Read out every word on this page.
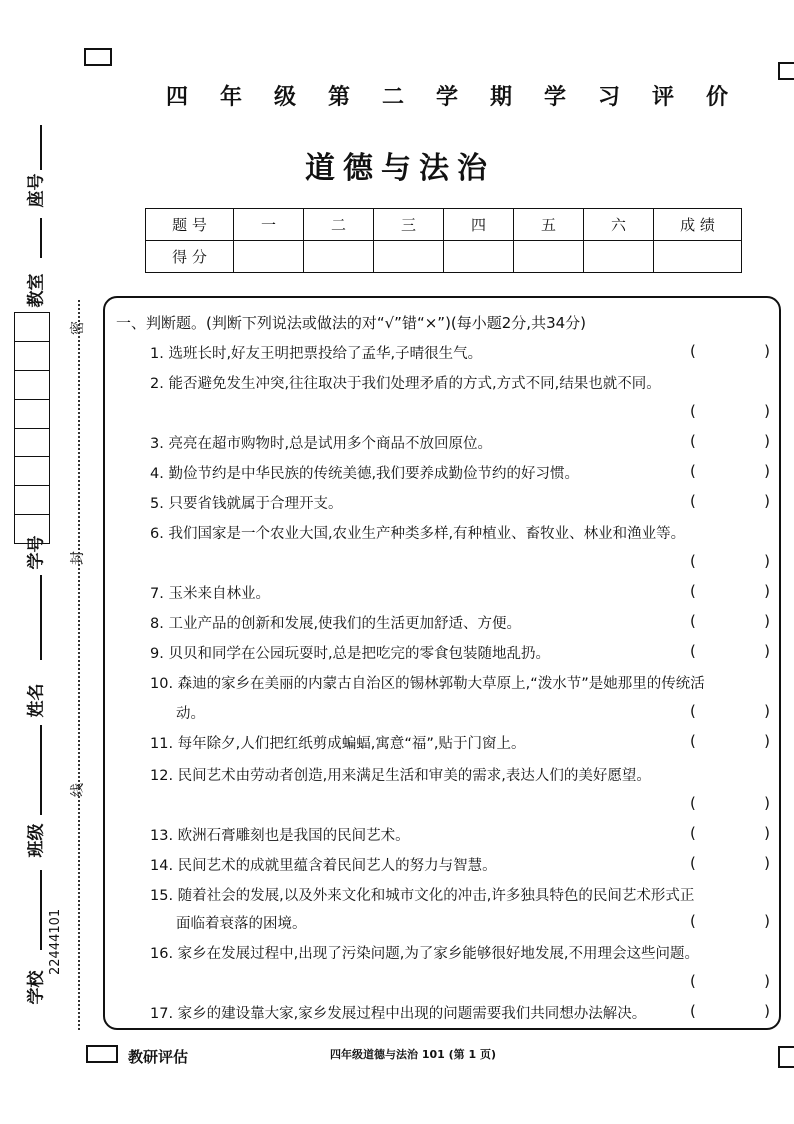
座号
教室
学号
姓名
班级
学校
密
封
线
22444101
四 年 级 第 二 学 期 学 习 评 价
道德与法治
题 号	一	二	三	四	五	六	成 绩
得 分							
一、判断题。(判断下列说法或做法的对“√”错“×”)(每小题2分,共34分)
1. 选班长时,好友王明把票投给了孟华,子晴很生气。	(	)
2. 能否避免发生冲突,往往取决于我们处理矛盾的方式,方式不同,结果也就不同。
(	)
3. 亮亮在超市购物时,总是试用多个商品不放回原位。	(	)
4. 勤俭节约是中华民族的传统美德,我们要养成勤俭节约的好习惯。	(	)
5. 只要省钱就属于合理开支。	(	)
6. 我们国家是一个农业大国,农业生产种类多样,有种植业、畜牧业、林业和渔业等。
(	)
7. 玉米来自林业。	(	)
8. 工业产品的创新和发展,使我们的生活更加舒适、方便。	(	)
9. 贝贝和同学在公园玩耍时,总是把吃完的零食包装随地乱扔。	(	)
10. 森迪的家乡在美丽的内蒙古自治区的锡林郭勒大草原上,“泼水节”是她那里的传统活
动。	(	)
11. 每年除夕,人们把红纸剪成蝙蝠,寓意“福”,贴于门窗上。	(	)
12. 民间艺术由劳动者创造,用来满足生活和审美的需求,表达人们的美好愿望。
(	)
13. 欧洲石膏雕刻也是我国的民间艺术。	(	)
14. 民间艺术的成就里蕴含着民间艺人的努力与智慧。	(	)
15. 随着社会的发展,以及外来文化和城市文化的冲击,许多独具特色的民间艺术形式正
面临着衰落的困境。	(	)
16. 家乡在发展过程中,出现了污染问题,为了家乡能够很好地发展,不用理会这些问题。
(	)
17. 家乡的建设靠大家,家乡发展过程中出现的问题需要我们共同想办法解决。	(	)
教研评估	四年级道德与法治 101 (第 1 页)
